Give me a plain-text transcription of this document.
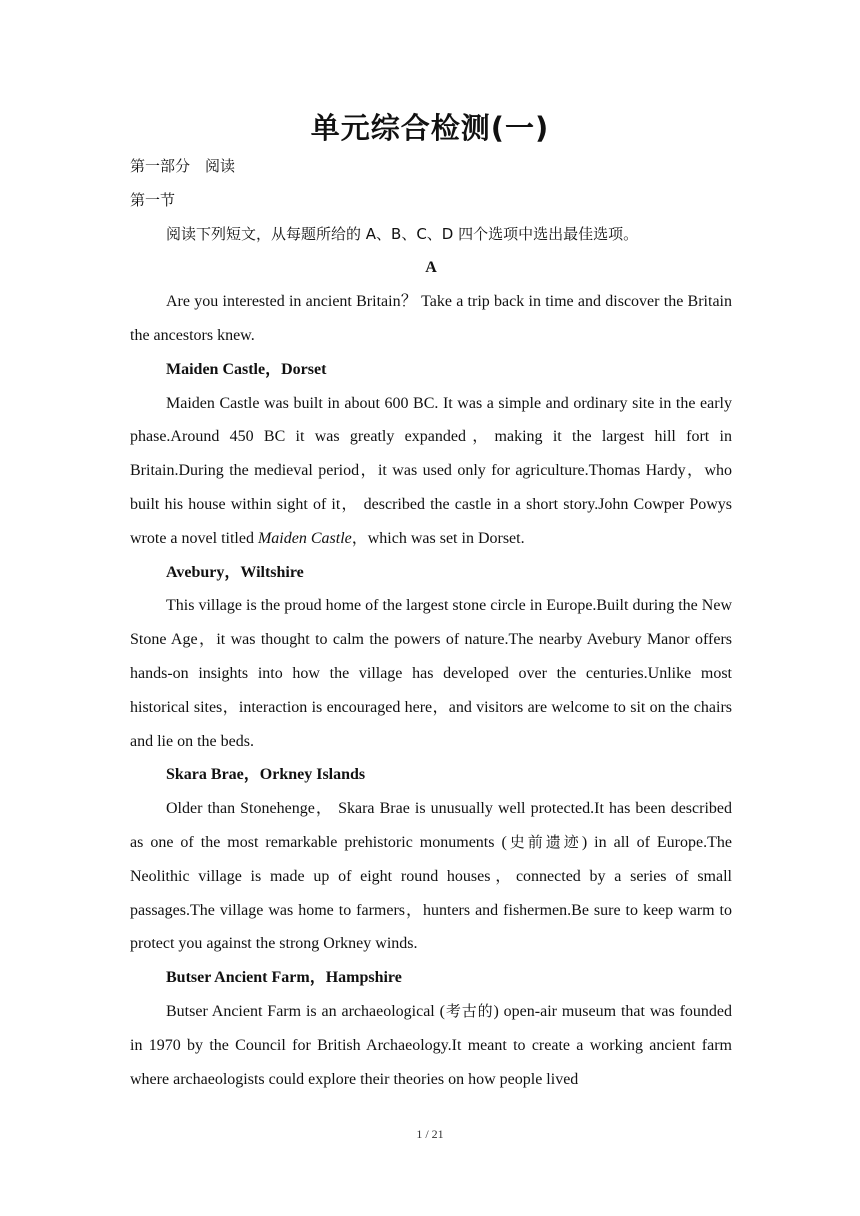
单元综合检测(一)

第一部分　阅读

第一节

阅读下列短文，从每题所给的 A、B、C、D 四个选项中选出最佳选项。

A

Are you interested in ancient Britain？ Take a trip back in time and discover the Britain the ancestors knew.

Maiden Castle，Dorset

Maiden Castle was built in about 600 BC. It was a simple and ordinary site in the early phase.Around 450 BC it was greatly expanded，making it the largest hill fort in Britain.During the medieval period，it was used only for agriculture.Thomas Hardy，who built his house within sight of it， described the castle in a short story.John Cowper Powys wrote a novel titled Maiden Castle，which was set in Dorset.

Avebury，Wiltshire

This village is the proud home of the largest stone circle in Europe.Built during the New Stone Age，it was thought to calm the powers of nature.The nearby Avebury Manor offers hands-on insights into how the village has developed over the centuries.Unlike most historical sites，interaction is encouraged here，and visitors are welcome to sit on the chairs and lie on the beds.

Skara Brae，Orkney Islands

Older than Stonehenge， Skara Brae is unusually well protected.It has been described as one of the most remarkable prehistoric monuments (史前遗迹) in all of Europe.The Neolithic village is made up of eight round houses，connected by a series of small passages.The village was home to farmers，hunters and fishermen.Be sure to keep warm to protect you against the strong Orkney winds.

Butser Ancient Farm，Hampshire

Butser Ancient Farm is an archaeological (考古的) open-air museum that was founded in 1970 by the Council for British Archaeology.It meant to create a working ancient farm where archaeologists could explore their theories on how people lived

1 / 21
